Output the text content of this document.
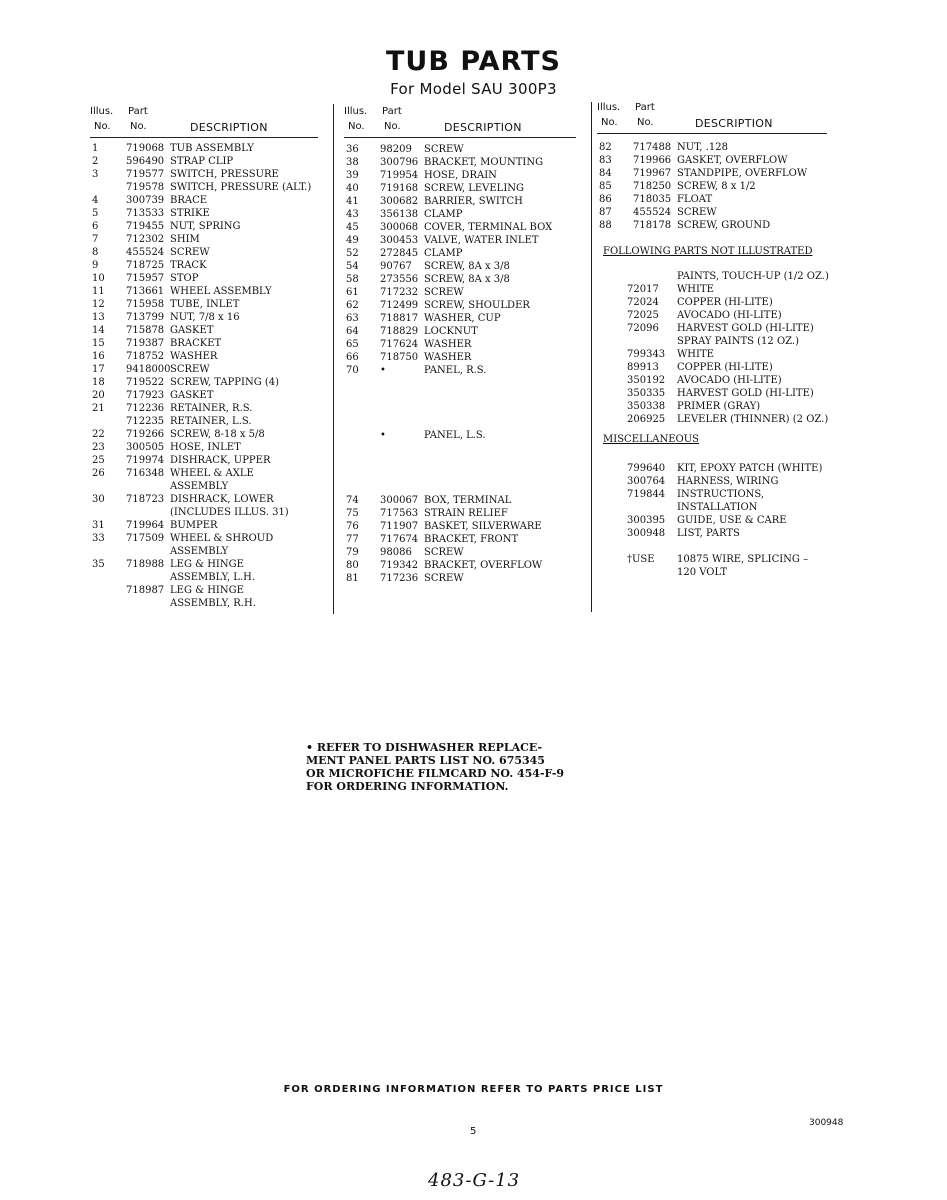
TUB PARTS
For Model SAU 300P3
Illus. Part
No. No.	DESCRIPTION
1	719068 TUB ASSEMBLY
2	596490 STRAP CLIP
3	719577 SWITCH, PRESSURE
719578 SWITCH, PRESSURE (ALT.)
4	300739 BRACE
5	713533 STRIKE
6	719455 NUT, SPRING
7	712302 SHIM
8	455524 SCREW
9	718725 TRACK
10 715957 STOP
11 713661 WHEEL ASSEMBLY
12 715958 TUBE, INLET
13 713799 NUT, 7/8 x 16
14 715878 GASKET
15 719387 BRACKET
16 718752 WASHER
17 9418000 SCREW
18 719522 SCREW, TAPPING (4)
20 717923 GASKET
21 712236 RETAINER, R.S.
712235 RETAINER, L.S.
22 719266 SCREW, 8-18 x 5/8
23 300505 HOSE, INLET
25 719974 DISHRACK, UPPER
26 716348 WHEEL & AXLE
ASSEMBLY
30 718723 DISHRACK, LOWER
(INCLUDES ILLUS. 31)
31 719964 BUMPER
33 717509 WHEEL & SHROUD
ASSEMBLY
35 718988 LEG & HINGE
ASSEMBLY, L.H.
718987 LEG & HINGE
ASSEMBLY, R.H.
Illus. Part
No. No.	DESCRIPTION
36 98209 SCREW
38 300796 BRACKET, MOUNTING
39 719954 HOSE, DRAIN
40 719168 SCREW, LEVELING
41 300682 BARRIER, SWITCH
43 356138 CLAMP
45 300068 COVER, TERMINAL BOX
49 300453 VALVE, WATER INLET
52 272845 CLAMP
54 90767 SCREW, 8A x 3/8
58 273556 SCREW, 8A x 3/8
61 717232 SCREW
62 712499 SCREW, SHOULDER
63 718817 WASHER, CUP
64 718829 LOCKNUT
65 717624 WASHER
66 718750 WASHER
70 •	PANEL, R.S.
•	PANEL, L.S.
74 300067 BOX, TERMINAL
75 717563 STRAIN RELIEF
76 711907 BASKET, SILVERWARE
77 717674 BRACKET, FRONT
79 98086 SCREW
80 719342 BRACKET, OVERFLOW
81 717236 SCREW
Illus. Part
No. No.	DESCRIPTION
82 717488 NUT, .128
83 719966 GASKET, OVERFLOW
84 719967 STANDPIPE, OVERFLOW
85 718250 SCREW, 8 x 1/2
86 718035 FLOAT
87 455524 SCREW
88 718178 SCREW, GROUND
FOLLOWING PARTS NOT ILLUSTRATED
PAINTS, TOUCH-UP (1/2 OZ.)
72017 WHITE
72024 COPPER (HI-LITE)
72025 AVOCADO (HI-LITE)
72096 HARVEST GOLD (HI-LITE)
SPRAY PAINTS (12 OZ.)
799343 WHITE
89913 COPPER (HI-LITE)
350192 AVOCADO (HI-LITE)
350335 HARVEST GOLD (HI-LITE)
350338 PRIMER (GRAY)
206925 LEVELER (THINNER) (2 OZ.)
MISCELLANEOUS
799640 KIT, EPOXY PATCH (WHITE)
300764 HARNESS, WIRING
719844 INSTRUCTIONS,
INSTALLATION
300395 GUIDE, USE & CARE
300948 LIST, PARTS
†USE 10875 WIRE, SPLICING –
120 VOLT
• REFER TO DISHWASHER REPLACE-
MENT PANEL PARTS LIST NO. 675345
OR MICROFICHE FILMCARD NO. 454-F-9
FOR ORDERING INFORMATION.
FOR ORDERING INFORMATION REFER TO PARTS PRICE LIST
5
300948
483-G-13
